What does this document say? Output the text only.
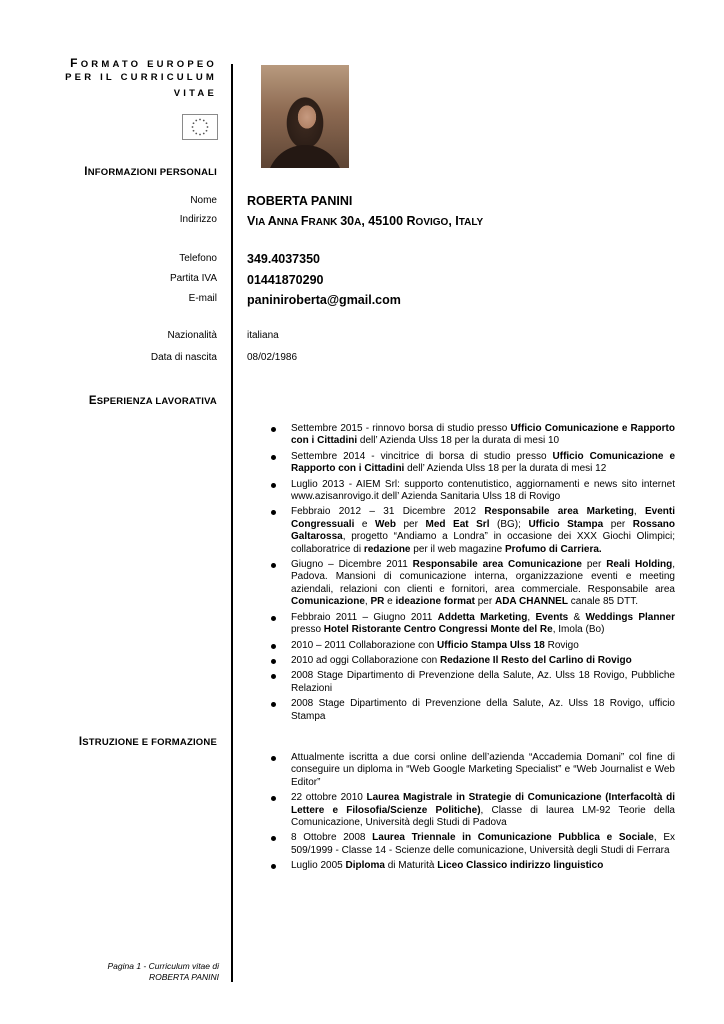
FORMATO EUROPEO
PER IL CURRICULUM
VITAE
INFORMAZIONI PERSONALI
Nome ROBERTA PANINI
Indirizzo VIA ANNA FRANK 30A, 45100 ROVIGO, ITALY
Telefono 349.4037350
Partita IVA 01441870290
E-mail paniniroberta@gmail.com
Nazionalità	italiana
Data di nascita	08/02/1986
ESPERIENZA LAVORATIVA
Settembre 2015 - rinnovo borsa di studio presso Ufficio Comunicazione e Rapporto con i Cittadini dell’ Azienda Ulss 18 per la durata di mesi 10
Settembre 2014 - vincitrice di borsa di studio presso Ufficio Comunicazione e Rapporto con i Cittadini dell’ Azienda Ulss 18 per la durata di mesi 12
Luglio 2013 - AIEM Srl: supporto contenutistico, aggiornamenti e news sito internet www.azisanrovigo.it dell’ Azienda Sanitaria Ulss 18 di Rovigo
Febbraio 2012 – 31 Dicembre 2012 Responsabile area Marketing, Eventi Congressuali e Web per Med Eat Srl (BG); Ufficio Stampa per Rossano Galtarossa, progetto “Andiamo a Londra” in occasione dei XXX Giochi Olimpici; collaboratrice di redazione per il web magazine Profumo di Carriera.
Giugno – Dicembre 2011 Responsabile area Comunicazione per Reali Holding, Padova. Mansioni di comunicazione interna, organizzazione eventi e meeting aziendali, relazioni con clienti e fornitori, area commerciale. Responsabile area Comunicazione, PR e ideazione format per ADA CHANNEL canale 85 DTT.
Febbraio 2011 – Giugno 2011 Addetta Marketing, Events & Weddings Planner presso Hotel Ristorante Centro Congressi Monte del Re, Imola (Bo)
2010 – 2011 Collaborazione con Ufficio Stampa Ulss 18 Rovigo
2010 ad oggi Collaborazione con Redazione Il Resto del Carlino di Rovigo
2008 Stage Dipartimento di Prevenzione della Salute, Az. Ulss 18 Rovigo, Pubbliche Relazioni
2008 Stage Dipartimento di Prevenzione della Salute, Az. Ulss 18 Rovigo, ufficio Stampa
ISTRUZIONE E FORMAZIONE
Attualmente iscritta a due corsi online dell’azienda “Accademia Domani” col fine di conseguire un diploma in “Web Google Marketing Specialist” e “Web Journalist e Web Editor”
22 ottobre 2010 Laurea Magistrale in Strategie di Comunicazione (Interfacoltà di Lettere e Filosofia/Scienze Politiche), Classe di laurea LM-92 Teorie della Comunicazione, Università degli Studi di Padova
8 Ottobre 2008 Laurea Triennale in Comunicazione Pubblica e Sociale, Ex 509/1999 - Classe 14 - Scienze delle comunicazione, Università degli Studi di Ferrara
Luglio 2005 Diploma di Maturità Liceo Classico indirizzo linguistico
Pagina 1 - Curriculum vitae di
ROBERTA PANINI
